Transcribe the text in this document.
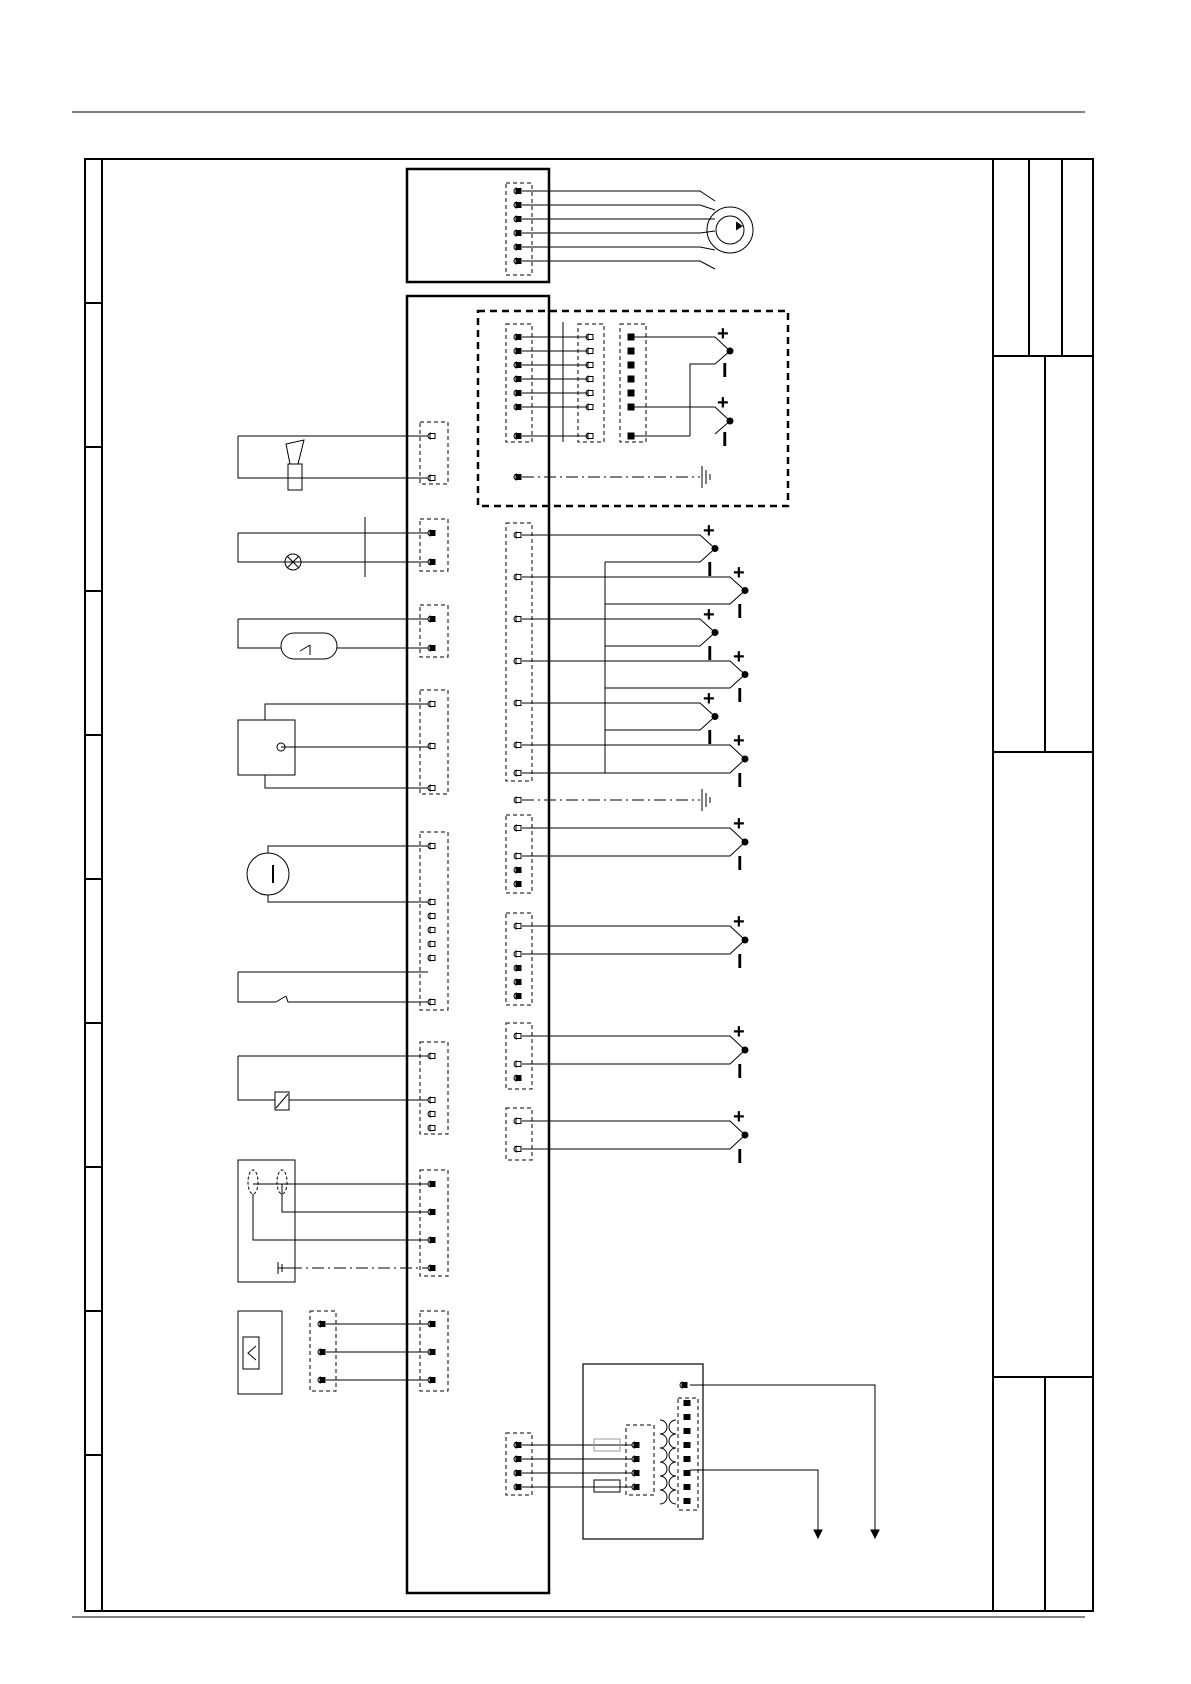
+
I
+
I
+
I +
I
+
I +
I
+
I +
I
+
I
+
I
+
I
+
I
